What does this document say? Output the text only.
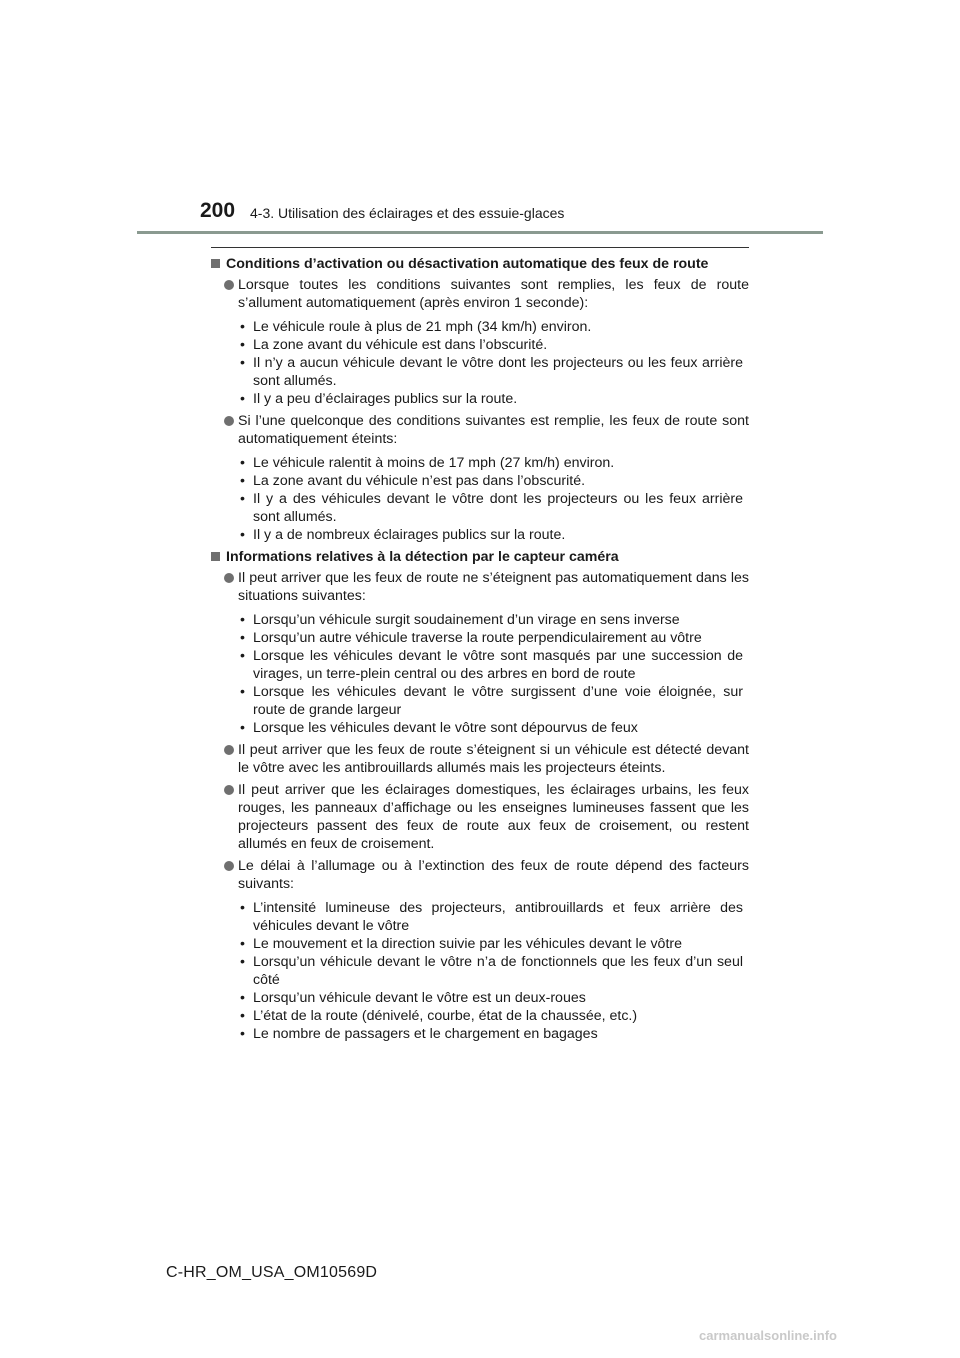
200 4-3. Utilisation des éclairages et des essuie-glaces
Conditions d’activation ou désactivation automatique des feux de route
Lorsque toutes les conditions suivantes sont remplies, les feux de route s’allument automatiquement (après environ 1 seconde):
• Le véhicule roule à plus de 21 mph (34 km/h) environ.
• La zone avant du véhicule est dans l’obscurité.
• Il n’y a aucun véhicule devant le vôtre dont les projecteurs ou les feux arrière sont allumés.
• Il y a peu d’éclairages publics sur la route.
Si l’une quelconque des conditions suivantes est remplie, les feux de route sont automatiquement éteints:
• Le véhicule ralentit à moins de 17 mph (27 km/h) environ.
• La zone avant du véhicule n’est pas dans l’obscurité.
• Il y a des véhicules devant le vôtre dont les projecteurs ou les feux arrière sont allumés.
• Il y a de nombreux éclairages publics sur la route.
Informations relatives à la détection par le capteur caméra
Il peut arriver que les feux de route ne s’éteignent pas automatiquement dans les situations suivantes:
• Lorsqu’un véhicule surgit soudainement d’un virage en sens inverse
• Lorsqu’un autre véhicule traverse la route perpendiculairement au vôtre
• Lorsque les véhicules devant le vôtre sont masqués par une succession de virages, un terre-plein central ou des arbres en bord de route
• Lorsque les véhicules devant le vôtre surgissent d’une voie éloignée, sur route de grande largeur
• Lorsque les véhicules devant le vôtre sont dépourvus de feux
Il peut arriver que les feux de route s’éteignent si un véhicule est détecté devant le vôtre avec les antibrouillards allumés mais les projecteurs éteints.
Il peut arriver que les éclairages domestiques, les éclairages urbains, les feux rouges, les panneaux d’affichage ou les enseignes lumineuses fassent que les projecteurs passent des feux de route aux feux de croisement, ou restent allumés en feux de croisement.
Le délai à l’allumage ou à l’extinction des feux de route dépend des facteurs suivants:
• L’intensité lumineuse des projecteurs, antibrouillards et feux arrière des véhicules devant le vôtre
• Le mouvement et la direction suivie par les véhicules devant le vôtre
• Lorsqu’un véhicule devant le vôtre n’a de fonctionnels que les feux d’un seul côté
• Lorsqu’un véhicule devant le vôtre est un deux-roues
• L’état de la route (dénivelé, courbe, état de la chaussée, etc.)
• Le nombre de passagers et le chargement en bagages
C-HR_OM_USA_OM10569D
carmanualsonline.info
